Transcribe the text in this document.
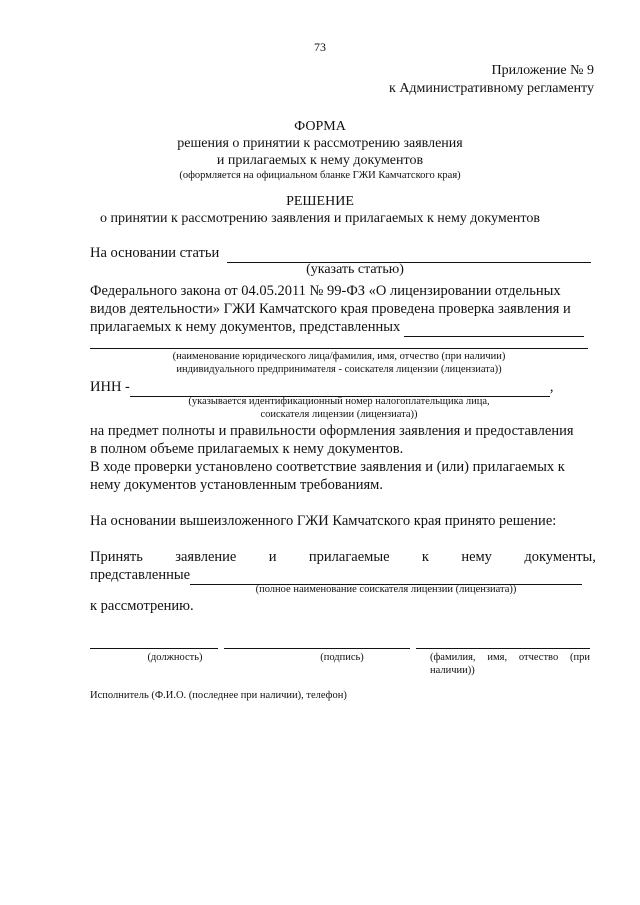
73
Приложение № 9
к Административному регламенту
ФОРМА
решения о принятии к рассмотрению заявления
и прилагаемых к нему документов
(оформляется на официальном бланке ГЖИ Камчатского края)
РЕШЕНИЕ
о принятии к рассмотрению заявления и прилагаемых к нему документов
На основании статьи
(указать статью)
Федерального закона от 04.05.2011 № 99-ФЗ «О лицензировании отдельных
видов деятельности» ГЖИ Камчатского края проведена проверка заявления и
прилагаемых к нему документов, представленных
(наименование юридического лица/фамилия, имя, отчество (при наличии)
индивидуального предпринимателя - соискателя лицензии (лицензиата))
ИНН -	,
(указывается идентификационный номер налогоплательщика лица,
соискателя лицензии (лицензиата))
на предмет полноты и правильности оформления заявления и предоставления
в полном объеме прилагаемых к нему документов.
В ходе проверки установлено соответствие заявления и (или) прилагаемых к
нему документов установленным требованиям.
На основании вышеизложенного ГЖИ Камчатского края принято решение:
Принять заявление и прилагаемые к нему документы,
представленные
(полное наименование соискателя лицензии (лицензиата))
к рассмотрению.
(должность)	(подпись)	(фамилия, имя, отчество (при наличии))
Исполнитель (Ф.И.О. (последнее при наличии), телефон)
